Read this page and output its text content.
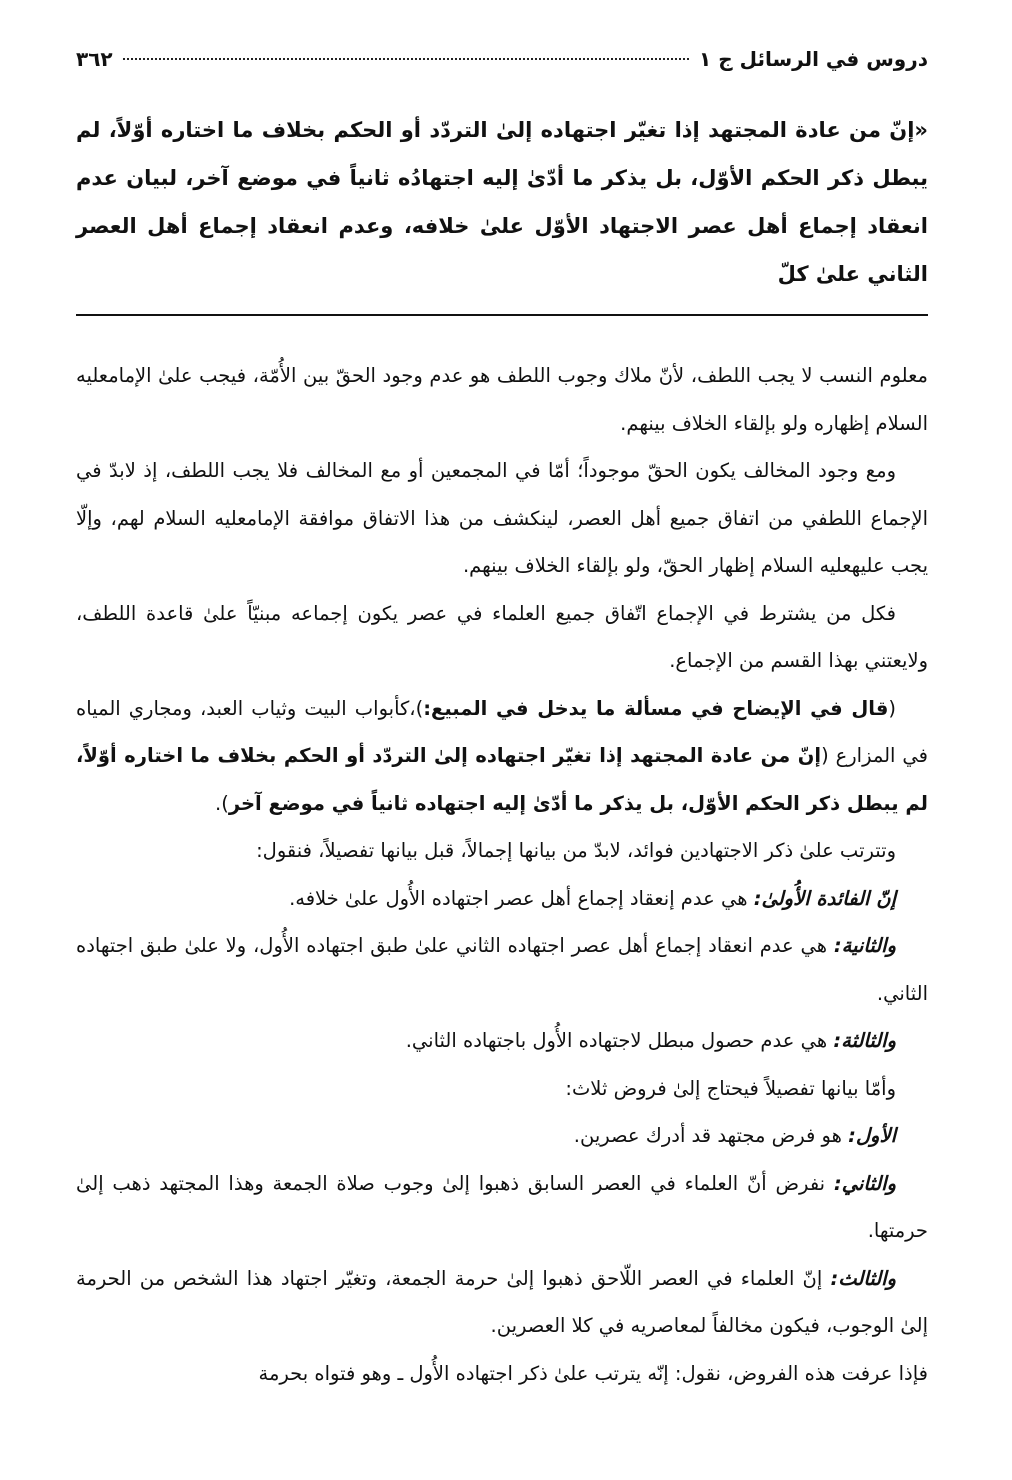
دروس في الرسائل ج ١
٣٦٢
«إنّ من عادة المجتهد إذا تغيّر اجتهاده إلىٰ التردّد أو الحكم بخلاف ما اختاره أوّلاً، لم يبطل ذكر الحكم الأوّل، بل يذكر ما أدّىٰ إليه اجتهادُه ثانياً في موضع آخر، لبيان عدم انعقاد إجماع أهل عصر الاجتهاد الأوّل علىٰ خلافه، وعدم انعقاد إجماع أهل العصر الثاني علىٰ كلّ

معلوم النسب لا يجب اللطف، لأنّ ملاك وجوب اللطف هو عدم وجود الحقّ بين الأُمّة، فيجب علىٰ الإمامعليه السلام إظهاره ولو بإلقاء الخلاف بينهم.

ومع وجود المخالف يكون الحقّ موجوداً؛ أمّا في المجمعين أو مع المخالف فلا يجب اللطف، إذ لابدّ في الإجماع اللطفي من اتفاق جميع أهل العصر، لينكشف من هذا الاتفاق موافقة الإمامعليه السلام لهم، وإلّا يجب عليهعليه السلام إظهار الحقّ، ولو بإلقاء الخلاف بينهم.

فكل من يشترط في الإجماع اتّفاق جميع العلماء في عصر يكون إجماعه مبنيّاً علىٰ قاعدة اللطف، ولايعتني بهذا القسم من الإجماع.

(قال في الإيضاح في مسألة ما يدخل في المبيع:)،كأبواب البيت وثياب العبد، ومجاري المياه في المزارع (إنّ من عادة المجتهد إذا تغيّر اجتهاده إلىٰ التردّد أو الحكم بخلاف ما اختاره أوّلاً، لم يبطل ذكر الحكم الأوّل، بل يذكر ما أدّىٰ إليه اجتهاده ثانياً في موضع آخر).

وتترتب علىٰ ذكر الاجتهادين فوائد، لابدّ من بيانها إجمالاً، قبل بيانها تفصيلاً، فنقول:

إنّ الفائدة الأُولىٰ: هي عدم إنعقاد إجماع أهل عصر اجتهاده الأُول علىٰ خلافه.

والثانية: هي عدم انعقاد إجماع أهل عصر اجتهاده الثاني علىٰ طبق اجتهاده الأُول، ولا علىٰ طبق اجتهاده الثاني.

والثالثة: هي عدم حصول مبطل لاجتهاده الأُول باجتهاده الثاني.

وأمّا بيانها تفصيلاً فيحتاج إلىٰ فروض ثلاث:

الأول: هو فرض مجتهد قد أدرك عصرين.

والثاني: نفرض أنّ العلماء في العصر السابق ذهبوا إلىٰ وجوب صلاة الجمعة وهذا المجتهد ذهب إلىٰ حرمتها.

والثالث: إنّ العلماء في العصر اللّاحق ذهبوا إلىٰ حرمة الجمعة، وتغيّر اجتهاد هذا الشخص من الحرمة إلىٰ الوجوب، فيكون مخالفاً لمعاصريه في كلا العصرين.

فإذا عرفت هذه الفروض، نقول: إنّه يترتب علىٰ ذكر اجتهاده الأُول ـ وهو فتواه بحرمة
